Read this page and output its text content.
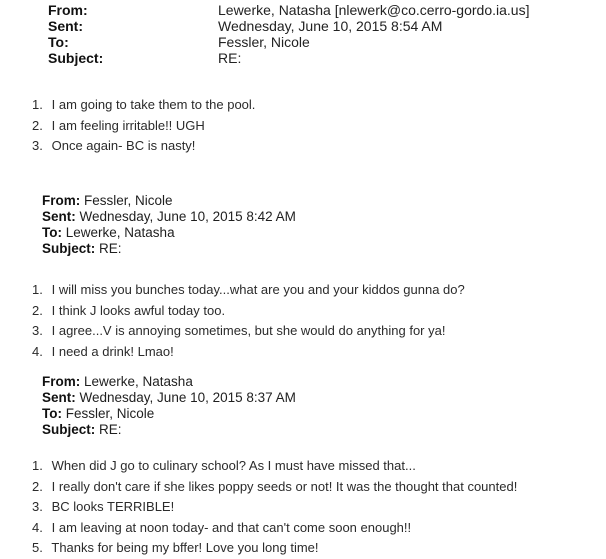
From:	Lewerke, Natasha [nlewerk@co.cerro-gordo.ia.us]
Sent:	Wednesday, June 10, 2015 8:54 AM
To:	Fessler, Nicole
Subject:	RE:
1. I am going to take them to the pool.
2. I am feeling irritable!! UGH
3. Once again- BC is nasty!
From: Fessler, Nicole
Sent: Wednesday, June 10, 2015 8:42 AM
To: Lewerke, Natasha
Subject: RE:
1. I will miss you bunches today...what are you and your kiddos gunna do?
2. I think J looks awful today too.
3. I agree...V is annoying sometimes, but she would do anything for ya!
4. I need a drink! Lmao!
From: Lewerke, Natasha
Sent: Wednesday, June 10, 2015 8:37 AM
To: Fessler, Nicole
Subject: RE:
1. When did J go to culinary school? As I must have missed that...
2. I really don't care if she likes poppy seeds or not! It was the thought that counted!
3. BC looks TERRIBLE!
4. I am leaving at noon today- and that can't come soon enough!!
5. Thanks for being my bffer! Love you long time!
